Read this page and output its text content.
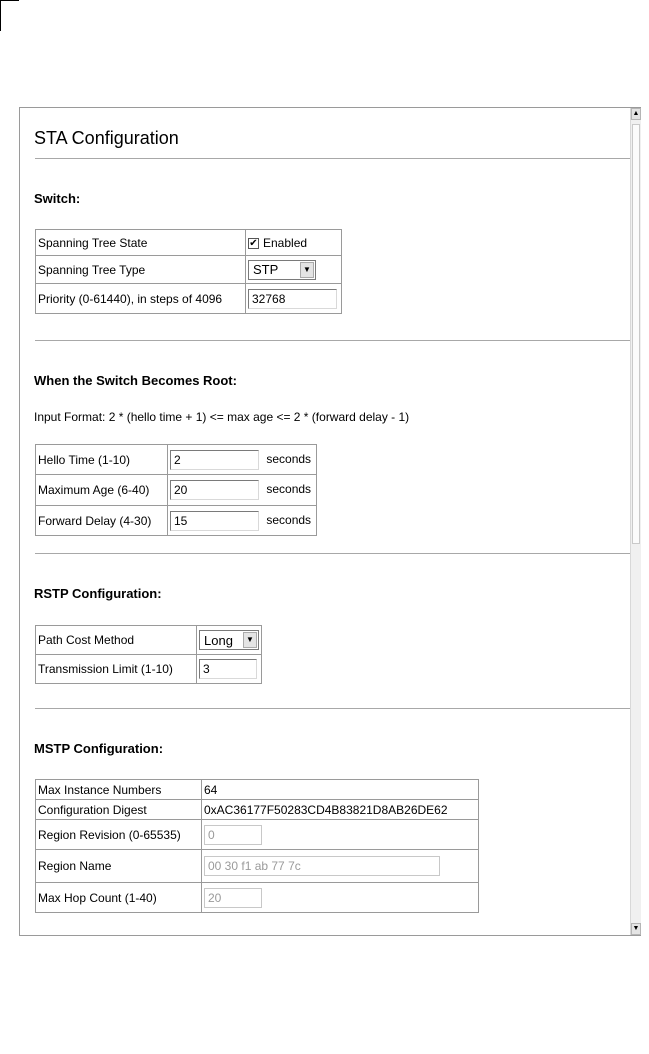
STA Configuration
Switch:
Spanning Tree State	✔ Enabled
Spanning Tree Type	STP ▼

Priority (0-61440), in steps of 4096	32768
When the Switch Becomes Root:
Input Format: 2 * (hello time + 1) <= max age <= 2 * (forward delay - 1)
Hello Time (1-10)	2 seconds
Maximum Age (6-40)	20 seconds
Forward Delay (4-30)	15 seconds
RSTP Configuration:
Path Cost Method	Long ▼

Transmission Limit (1-10)	3
MSTP Configuration:
Max Instance Numbers	64
Configuration Digest	0xAC36177F50283CD4B83821D8AB26DE62
Region Revision (0-65535)	0
Region Name	00 30 f1 ab 77 7c
Max Hop Count (1-40)	20
▲
▼
